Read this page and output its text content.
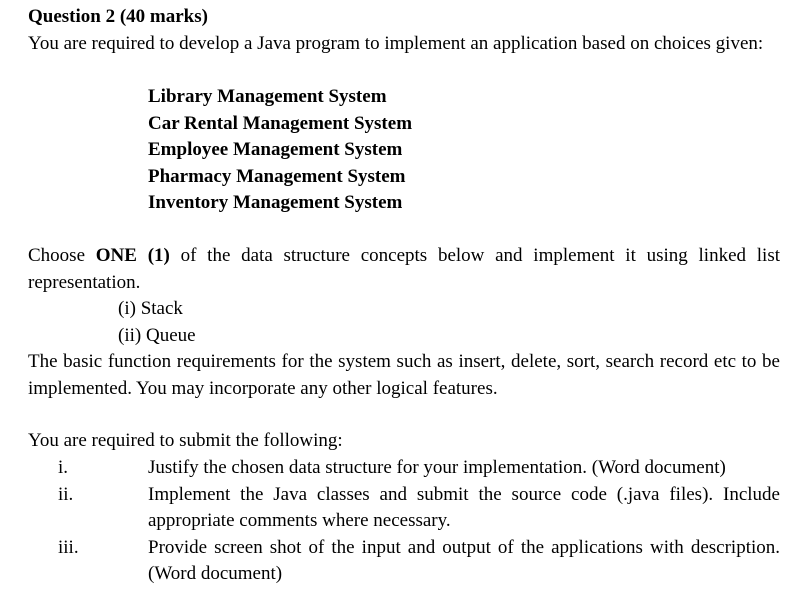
Question 2 (40 marks)
You are required to develop a Java program to implement an application based on choices given:
Library Management System
Car Rental Management System
Employee Management System
Pharmacy Management System
Inventory Management System
Choose ONE (1) of the data structure concepts below and implement it using linked list representation.
(i) Stack
(ii) Queue
The basic function requirements for the system such as insert, delete, sort, search record etc to be implemented. You may incorporate any other logical features.
You are required to submit the following:
i.	Justify the chosen data structure for your implementation. (Word document)
ii.	Implement the Java classes and submit the source code (.java files). Include appropriate comments where necessary.
iii.	Provide screen shot of the input and output of the applications with description. (Word document)
